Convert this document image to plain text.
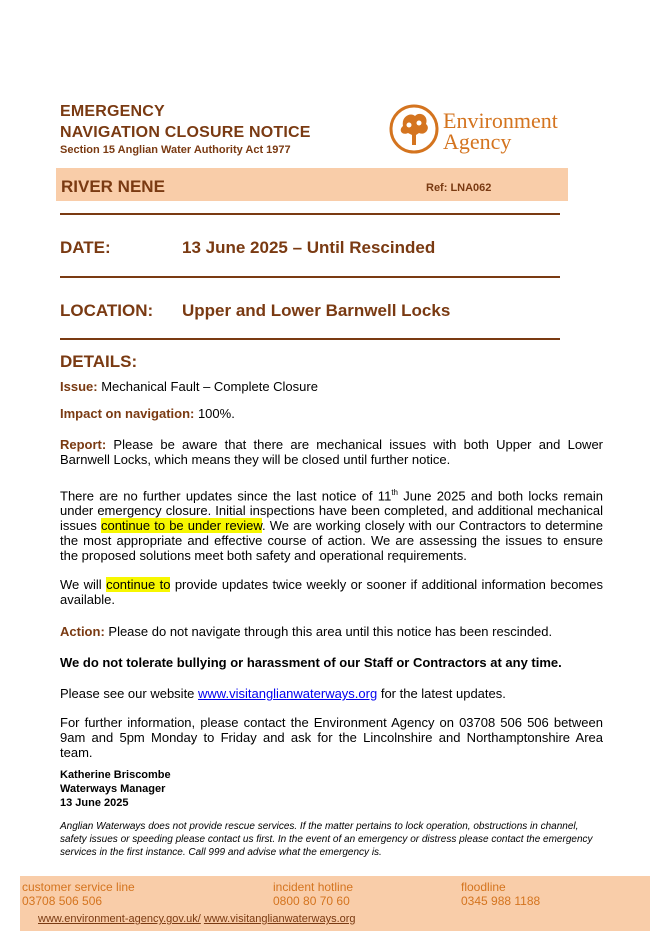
EMERGENCY
NAVIGATION CLOSURE NOTICE
Section 15 Anglian Water Authority Act 1977
Environment
Agency
RIVER NENE	Ref: LNA062
DATE:	13 June 2025 – Until Rescinded
LOCATION: Upper and Lower Barnwell Locks
DETAILS:
Issue: Mechanical Fault – Complete Closure
Impact on navigation: 100%.
Report: Please be aware that there are mechanical issues with both Upper and Lower Barnwell Locks, which means they will be closed until further notice.
There are no further updates since the last notice of 11th June 2025 and both locks remain under emergency closure. Initial inspections have been completed, and additional mechanical issues continue to be under review. We are working closely with our Contractors to determine the most appropriate and effective course of action. We are assessing the issues to ensure the proposed solutions meet both safety and operational requirements.
We will continue to provide updates twice weekly or sooner if additional information becomes available.
Action: Please do not navigate through this area until this notice has been rescinded.
We do not tolerate bullying or harassment of our Staff or Contractors at any time.
Please see our website www.visitanglianwaterways.org for the latest updates.
For further information, please contact the Environment Agency on 03708 506 506 between 9am and 5pm Monday to Friday and ask for the Lincolnshire and Northamptonshire Area team.
Katherine Briscombe
Waterways Manager
13 June 2025
Anglian Waterways does not provide rescue services. If the matter pertains to lock operation, obstructions in channel, safety issues or speeding please contact us first. In the event of an emergency or distress please contact the emergency services in the first instance. Call 999 and advise what the emergency is.
customer service line
03708 506 506
incident hotline
0800 80 70 60
floodline
0345 988 1188
www.environment-agency.gov.uk/ www.visitanglianwaterways.org
